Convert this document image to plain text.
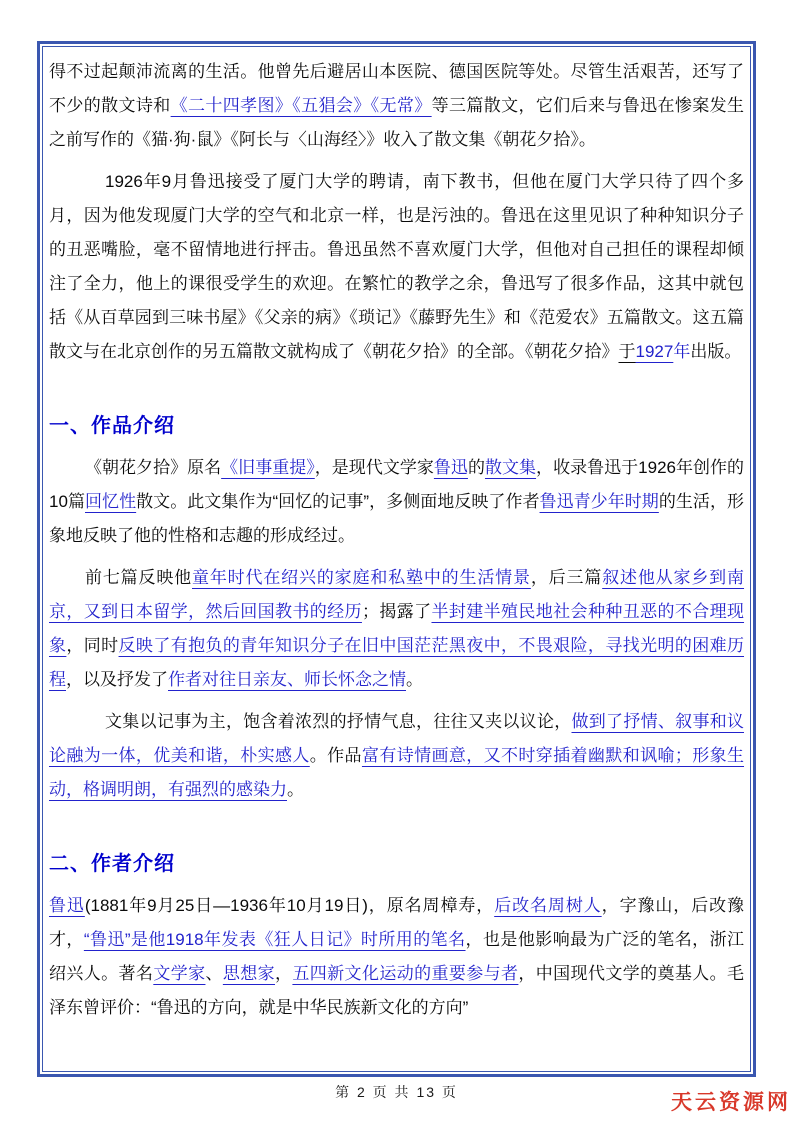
得不过起颠沛流离的生活。他曾先后避居山本医院、德国医院等处。尽管生活艰苦，还写了不少的散文诗和《二十四孝图》《五猖会》《无常》等三篇散文，它们后来与鲁迅在惨案发生之前写作的《猫·狗·鼠》《阿长与〈山海经〉》收入了散文集《朝花夕拾》。

1926年9月鲁迅接受了厦门大学的聘请，南下教书，但他在厦门大学只待了四个多月，因为他发现厦门大学的空气和北京一样，也是污浊的。鲁迅在这里见识了种种知识分子的丑恶嘴脸，毫不留情地进行抨击。鲁迅虽然不喜欢厦门大学，但他对自己担任的课程却倾注了全力，他上的课很受学生的欢迎。在繁忙的教学之余，鲁迅写了很多作品，这其中就包括《从百草园到三味书屋》《父亲的病》《琐记》《藤野先生》和《范爱农》五篇散文。这五篇散文与在北京创作的另五篇散文就构成了《朝花夕拾》的全部。《朝花夕拾》于1927年出版。

一、作品介绍

《朝花夕拾》原名《旧事重提》，是现代文学家鲁迅的散文集，收录鲁迅于1926年创作的10篇回忆性散文。此文集作为“回忆的记事”，多侧面地反映了作者鲁迅青少年时期的生活，形象地反映了他的性格和志趣的形成经过。

前七篇反映他童年时代在绍兴的家庭和私塾中的生活情景，后三篇叙述他从家乡到南京，又到日本留学，然后回国教书的经历；揭露了半封建半殖民地社会种种丑恶的不合理现象，同时反映了有抱负的青年知识分子在旧中国茫茫黑夜中，不畏艰险，寻找光明的困难历程，以及抒发了作者对往日亲友、师长怀念之情。

文集以记事为主，饱含着浓烈的抒情气息，往往又夹以议论，做到了抒情、叙事和议论融为一体，优美和谐，朴实感人。作品富有诗情画意，又不时穿插着幽默和讽喻；形象生动，格调明朗，有强烈的感染力。

二、作者介绍

鲁迅(1881年9月25日—1936年10月19日)，原名周樟寿，后改名周树人，字豫山，后改豫才，“鲁迅”是他1918年发表《狂人日记》时所用的笔名，也是他影响最为广泛的笔名，浙江绍兴人。著名文学家、思想家，五四新文化运动的重要参与者，中国现代文学的奠基人。毛泽东曾评价：“鲁迅的方向，就是中华民族新文化的方向”

第 2 页 共 13 页	天云资源网
